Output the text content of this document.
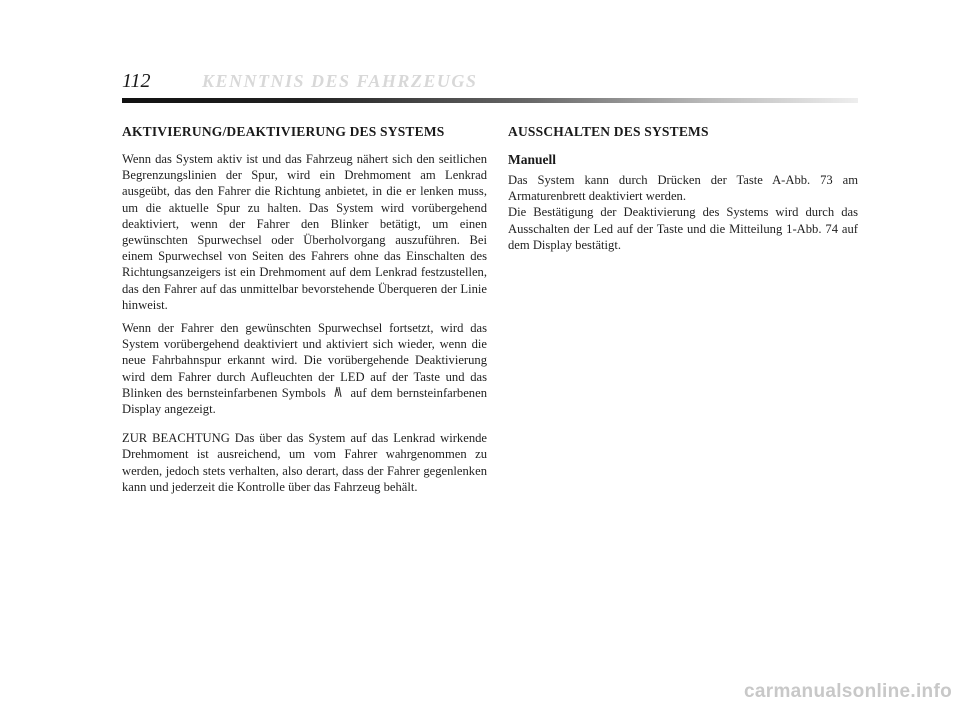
112	KENNTNIS DES FAHRZEUGS
AKTIVIERUNG/DEAKTIVIERUNG DES SYSTEMS

Wenn das System aktiv ist und das Fahrzeug nähert sich den seitlichen Begrenzungslinien der Spur, wird ein Drehmoment am Lenkrad ausgeübt, das den Fahrer die Richtung anbietet, in die er lenken muss, um die aktuelle Spur zu halten. Das System wird vorübergehend deaktiviert, wenn der Fahrer den Blinker betätigt, um einen gewünschten Spurwechsel oder Überholvorgang auszuführen. Bei einem Spurwechsel von Seiten des Fahrers ohne das Einschalten des Richtungsanzeigers ist ein Drehmoment auf dem Lenkrad festzustellen, das den Fahrer auf das unmittelbar bevorstehende Überqueren der Linie hinweist.

Wenn der Fahrer den gewünschten Spurwechsel fortsetzt, wird das System vorübergehend deaktiviert und aktiviert sich wieder, wenn die neue Fahrbahnspur erkannt wird. Die vorübergehende Deaktivierung wird dem Fahrer durch Aufleuchten der LED auf der Taste und das Blinken des bernsteinfarbenen Symbols auf dem bernsteinfarbenen Display angezeigt.

ZUR BEACHTUNG Das über das System auf das Lenkrad wirkende Drehmoment ist ausreichend, um vom Fahrer wahrgenommen zu werden, jedoch stets verhalten, also derart, dass der Fahrer gegenlenken kann und jederzeit die Kontrolle über das Fahrzeug behält.

AUSSCHALTEN DES SYSTEMS
Manuell

Das System kann durch Drücken der Taste A-Abb. 73 am Armaturenbrett deaktiviert werden.

Die Bestätigung der Deaktivierung des Systems wird durch das Ausschalten der Led auf der Taste und die Mitteilung 1-Abb. 74 auf dem Display bestätigt.

carmanualsonline.info
